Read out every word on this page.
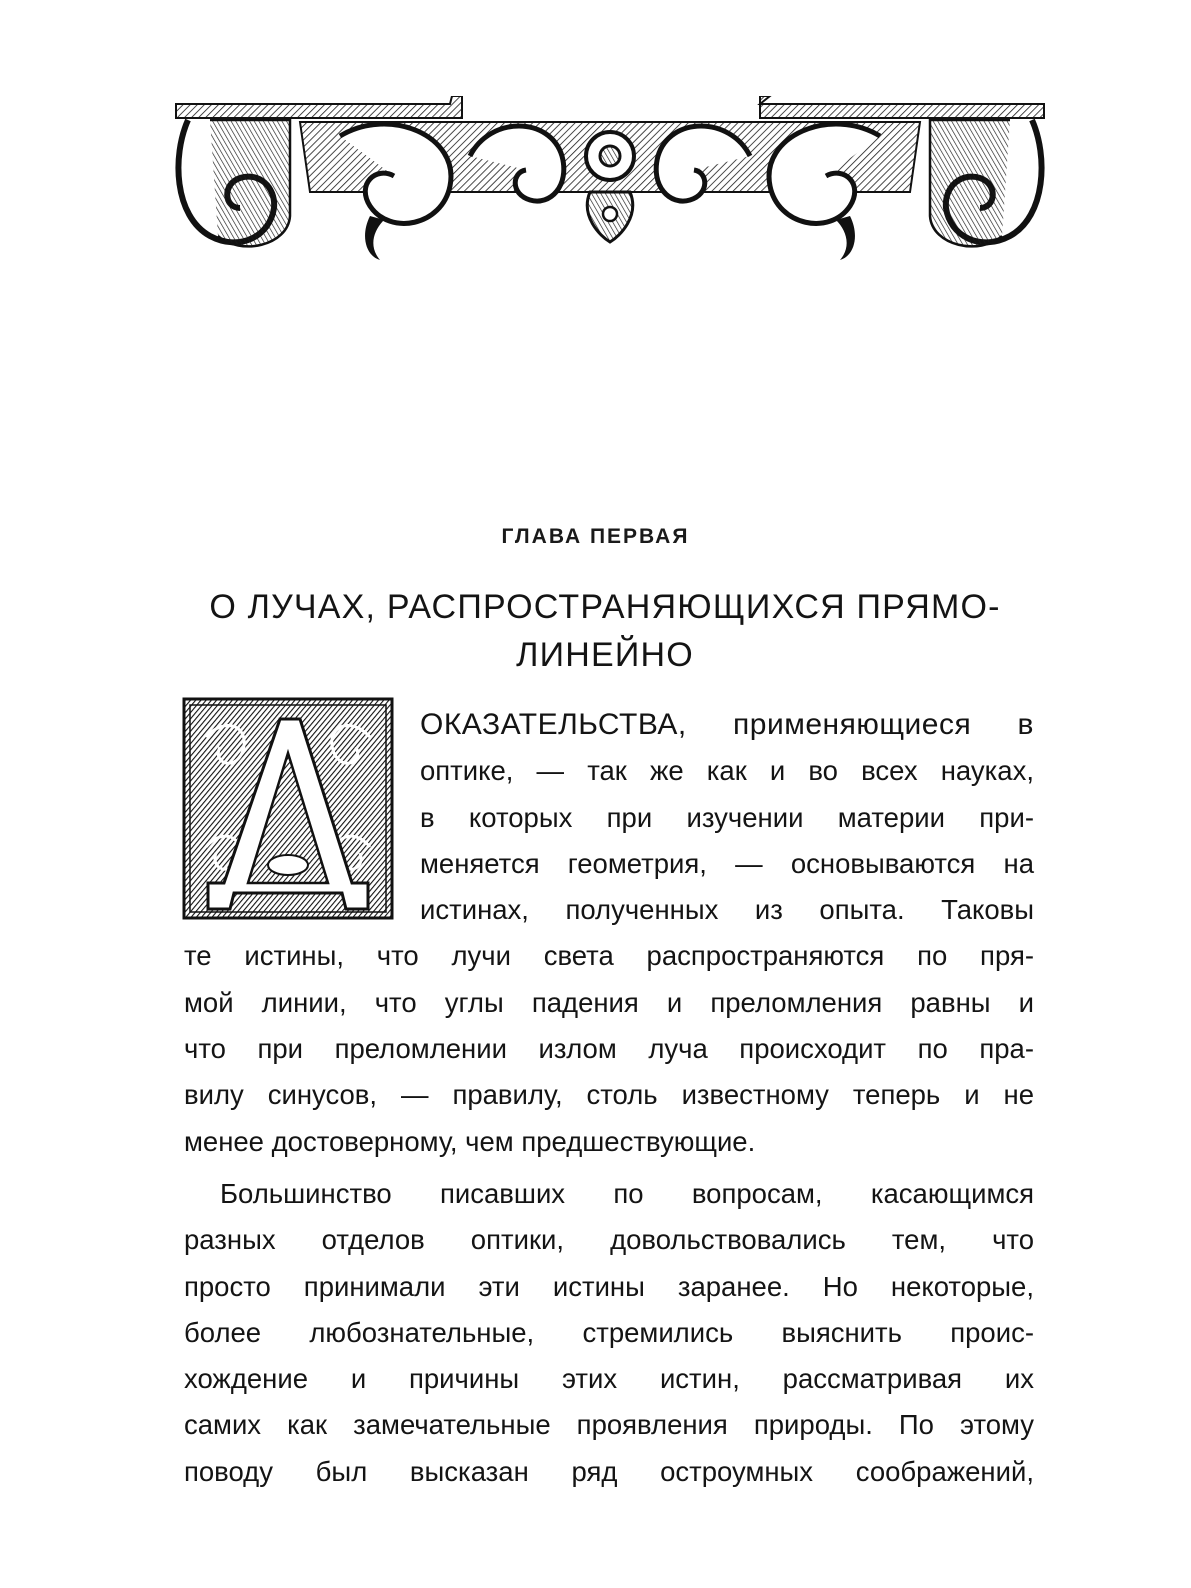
ГЛАВА ПЕРВАЯ
О ЛУЧАХ, РАСПРОСТРАНЯЮЩИХСЯ ПРЯМО-
ЛИНЕЙНО
Д
ОКАЗАТЕЛЬСТВА, применяющиеся в
оптике, — так же как и во всех науках,
в которых при изучении материи при-
меняется геометрия, — основываются на
истинах, полученных из опыта. Таковы
те истины, что лучи света распространяются по пря-
мой линии, что углы падения и преломления равны и
что при преломлении излом луча происходит по пра-
вилу синусов, — правилу, столь известному теперь и не
менее достоверному, чем предшествующие.
Большинство писавших по вопросам, касающимся
разных отделов оптики, довольствовались тем, что
просто принимали эти истины заранее. Но некоторые,
более любознательные, стремились выяснить проис-
хождение и причины этих истин, рассматривая их
самих как замечательные проявления природы. По этому
поводу был высказан ряд остроумных соображений,
